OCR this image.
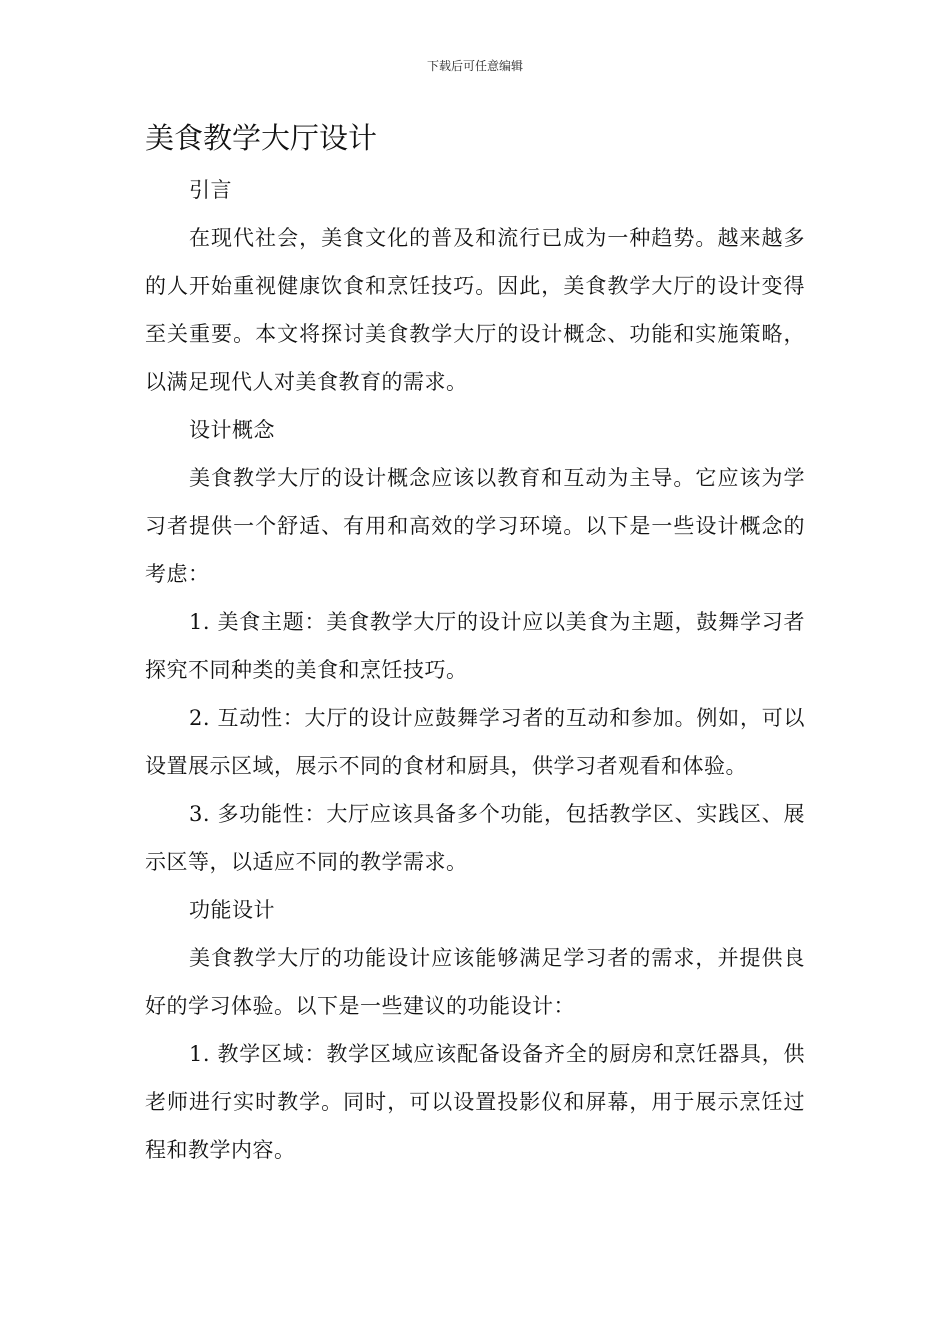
下载后可任意编辑
美食教学大厅设计

引言

在现代社会，美食文化的普及和流行已成为一种趋势。越来越多的人开始重视健康饮食和烹饪技巧。因此，美食教学大厅的设计变得至关重要。本文将探讨美食教学大厅的设计概念、功能和实施策略，以满足现代人对美食教育的需求。

设计概念

美食教学大厅的设计概念应该以教育和互动为主导。它应该为学习者提供一个舒适、有用和高效的学习环境。以下是一些设计概念的考虑：

1. 美食主题：美食教学大厅的设计应以美食为主题，鼓舞学习者探究不同种类的美食和烹饪技巧。

2. 互动性：大厅的设计应鼓舞学习者的互动和参加。例如，可以设置展示区域，展示不同的食材和厨具，供学习者观看和体验。

3. 多功能性：大厅应该具备多个功能，包括教学区、实践区、展示区等，以适应不同的教学需求。

功能设计

美食教学大厅的功能设计应该能够满足学习者的需求，并提供良好的学习体验。以下是一些建议的功能设计：

1. 教学区域：教学区域应该配备设备齐全的厨房和烹饪器具，供老师进行实时教学。同时，可以设置投影仪和屏幕，用于展示烹饪过程和教学内容。
